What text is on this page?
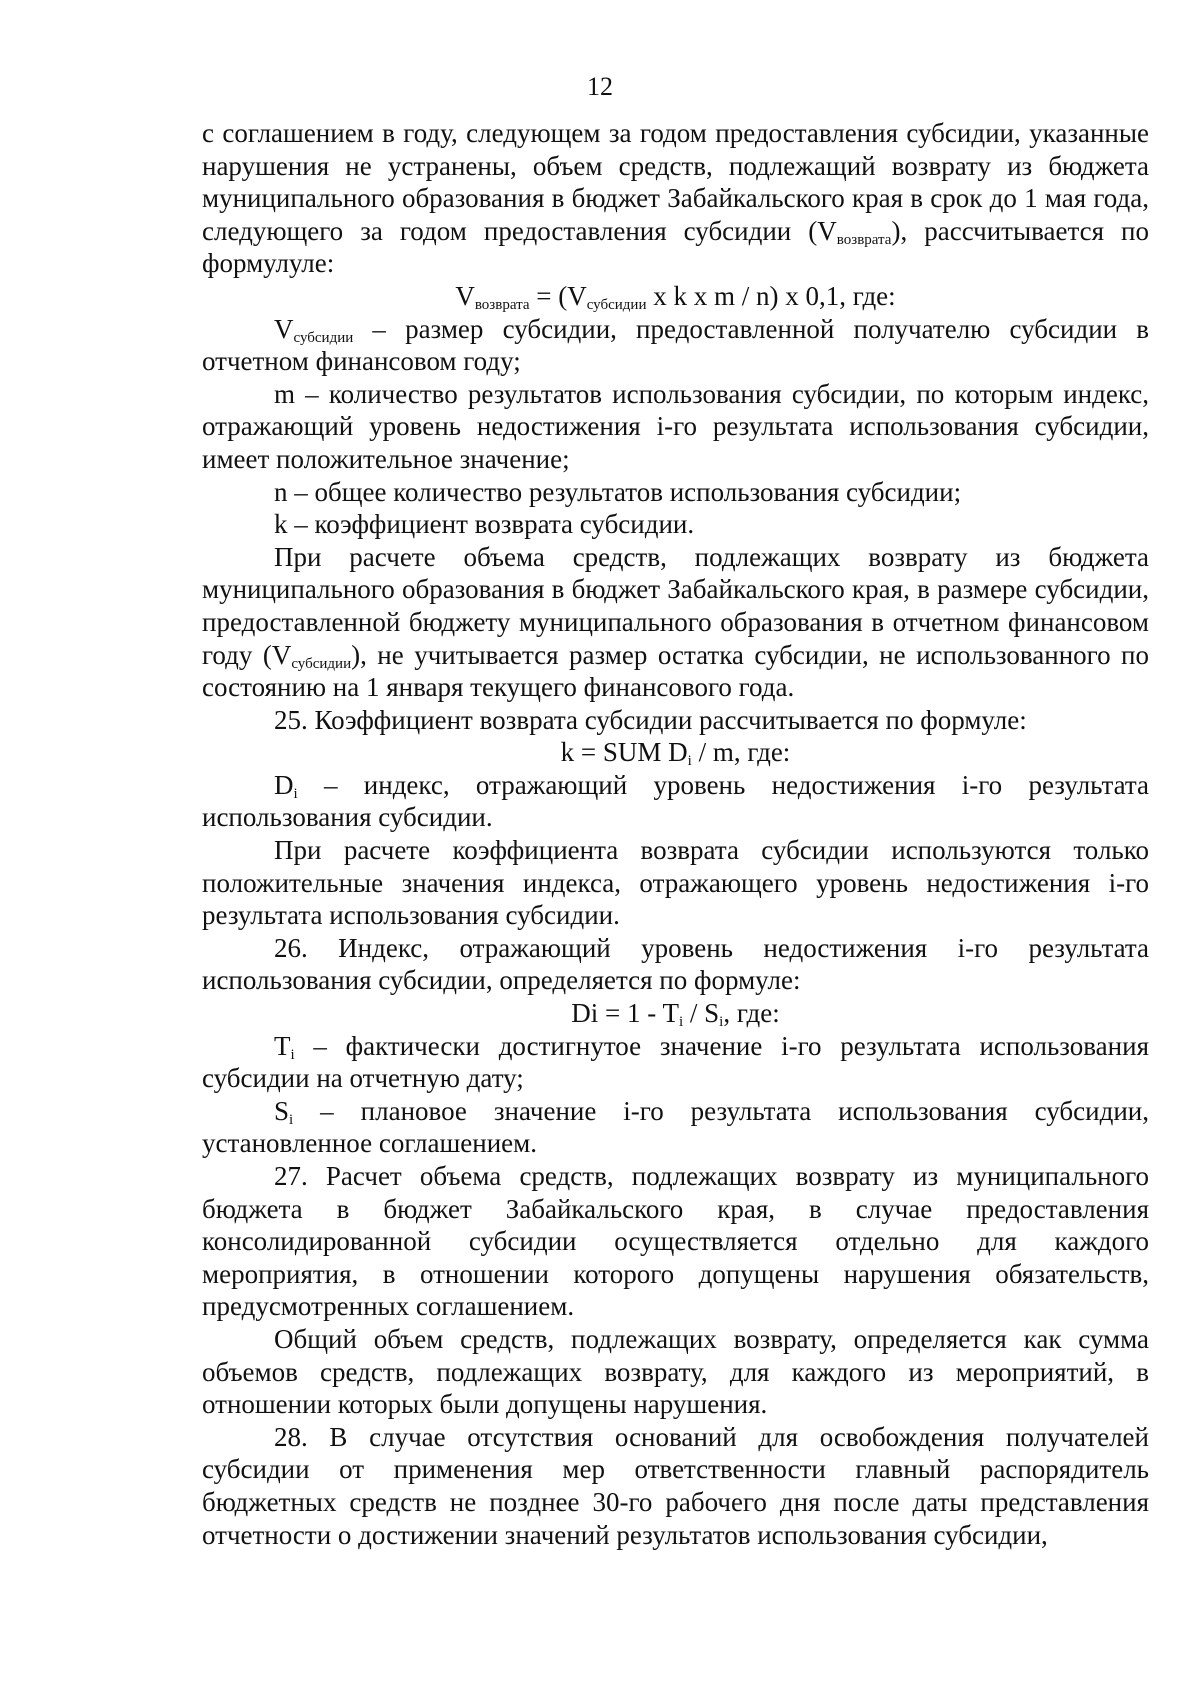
12

с соглашением в году, следующем за годом предоставления субсидии, указанные нарушения не устранены, объем средств, подлежащий возврату из бюджета муниципального образования в бюджет Забайкальского края в срок до 1 мая года, следующего за годом предоставления субсидии $(V_{возврата})$, рассчитывается по формулуле:

$V_{возврата} = (V_{субсидии}$ x k x m / n) x 0,1, где:

$V_{субсидии}$ – размер субсидии, предоставленной получателю субсидии в отчетном финансовом году;

m – количество результатов использования субсидии, по которым индекс, отражающий уровень недостижения i-го результата использования субсидии, имеет положительное значение;

n – общее количество результатов использования субсидии;

k – коэффициент возврата субсидии.

При расчете объема средств, подлежащих возврату из бюджета муниципального образования в бюджет Забайкальского края, в размере субсидии, предоставленной бюджету муниципального образования в отчетном финансовом году $(V_{субсидии})$, не учитывается размер остатка субсидии, не использованного по состоянию на 1 января текущего финансового года.

25. Коэффициент возврата субсидии рассчитывается по формуле:

k = SUM $D_i$ / m, где:

$D_i$ – индекс, отражающий уровень недостижения i-го результата использования субсидии.

При расчете коэффициента возврата субсидии используются только положительные значения индекса, отражающего уровень недостижения i-го результата использования субсидии.

26. Индекс, отражающий уровень недостижения i-го результата использования субсидии, определяется по формуле:

$Di = 1 - T_i / S_i$, где:

$T_i$ – фактически достигнутое значение i-го результата использования субсидии на отчетную дату;

$S_i$ – плановое значение i-го результата использования субсидии, установленное соглашением.

27. Расчет объема средств, подлежащих возврату из муниципального бюджета в бюджет Забайкальского края, в случае предоставления консолидированной субсидии осуществляется отдельно для каждого мероприятия, в отношении которого допущены нарушения обязательств, предусмотренных соглашением.

Общий объем средств, подлежащих возврату, определяется как сумма объемов средств, подлежащих возврату, для каждого из мероприятий, в отношении которых были допущены нарушения.

28. В случае отсутствия оснований для освобождения получателей субсидии от применения мер ответственности главный распорядитель бюджетных средств не позднее 30-го рабочего дня после даты представления отчетности о достижении значений результатов использования субсидии,
